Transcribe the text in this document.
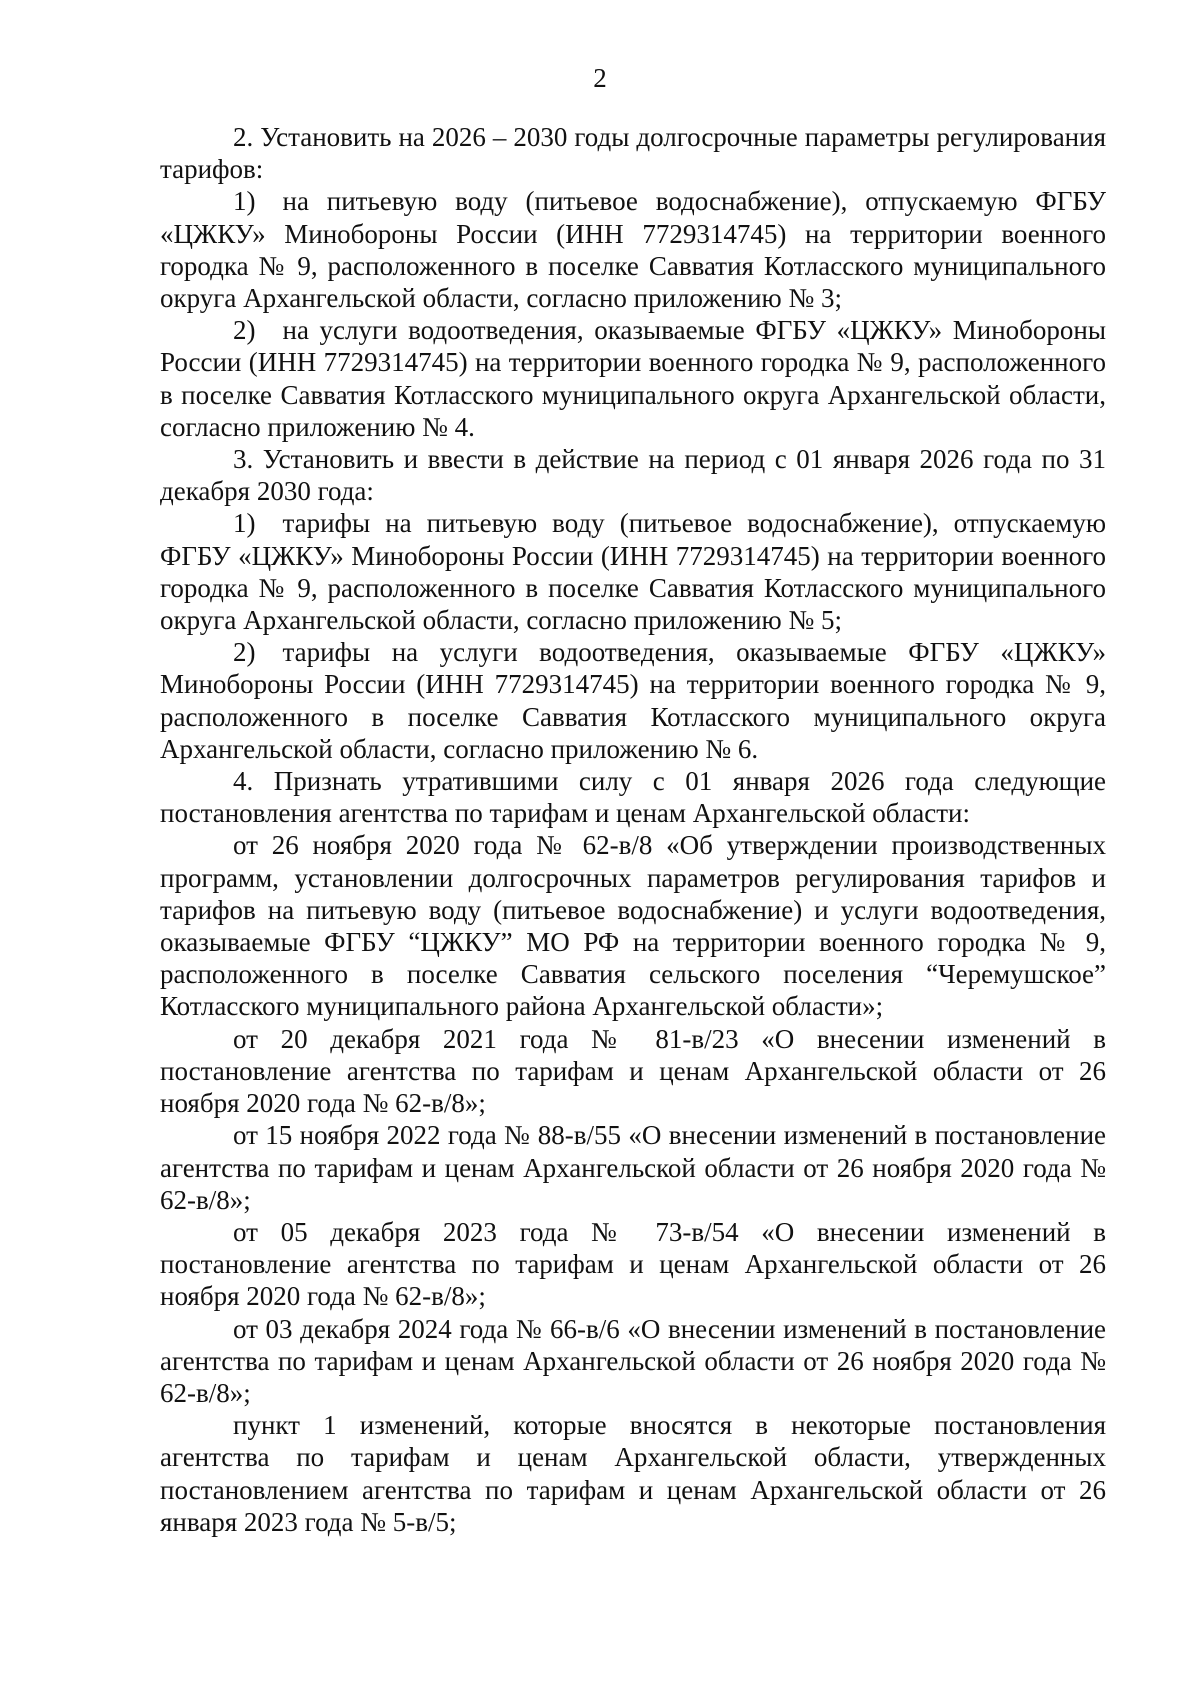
2

2. Установить на 2026 – 2030 годы долгосрочные параметры регулирования тарифов:

1) на питьевую воду (питьевое водоснабжение), отпускаемую ФГБУ «ЦЖКУ» Минобороны России (ИНН 7729314745) на территории военного городка № 9, расположенного в поселке Савватия Котласского муниципального округа Архангельской области, согласно приложению № 3;

2) на услуги водоотведения, оказываемые ФГБУ «ЦЖКУ» Минобороны России (ИНН 7729314745) на территории военного городка № 9, расположенного в поселке Савватия Котласского муниципального округа Архангельской области, согласно приложению № 4.

3. Установить и ввести в действие на период с 01 января 2026 года по 31 декабря 2030 года:

1) тарифы на питьевую воду (питьевое водоснабжение), отпускаемую ФГБУ «ЦЖКУ» Минобороны России (ИНН 7729314745) на территории военного городка № 9, расположенного в поселке Савватия Котласского муниципального округа Архангельской области, согласно приложению № 5;

2) тарифы на услуги водоотведения, оказываемые ФГБУ «ЦЖКУ» Минобороны России (ИНН 7729314745) на территории военного городка № 9, расположенного в поселке Савватия Котласского муниципального округа Архангельской области, согласно приложению № 6.

4. Признать утратившими силу с 01 января 2026 года следующие постановления агентства по тарифам и ценам Архангельской области:

от 26 ноября 2020 года № 62-в/8 «Об утверждении производственных программ, установлении долгосрочных параметров регулирования тарифов и тарифов на питьевую воду (питьевое водоснабжение) и услуги водоотведения, оказываемые ФГБУ “ЦЖКУ” МО РФ на территории военного городка № 9, расположенного в поселке Савватия сельского поселения “Черемушское” Котласского муниципального района Архангельской области»;

от 20 декабря 2021 года № 81-в/23 «О внесении изменений в постановление агентства по тарифам и ценам Архангельской области от 26 ноября 2020 года № 62-в/8»;

от 15 ноября 2022 года № 88-в/55 «О внесении изменений в постановление агентства по тарифам и ценам Архангельской области от 26 ноября 2020 года № 62-в/8»;

от 05 декабря 2023 года № 73-в/54 «О внесении изменений в постановление агентства по тарифам и ценам Архангельской области от 26 ноября 2020 года № 62-в/8»;

от 03 декабря 2024 года № 66-в/6 «О внесении изменений в постановление агентства по тарифам и ценам Архангельской области от 26 ноября 2020 года № 62-в/8»;

пункт 1 изменений, которые вносятся в некоторые постановления агентства по тарифам и ценам Архангельской области, утвержденных постановлением агентства по тарифам и ценам Архангельской области от 26 января 2023 года № 5-в/5;
